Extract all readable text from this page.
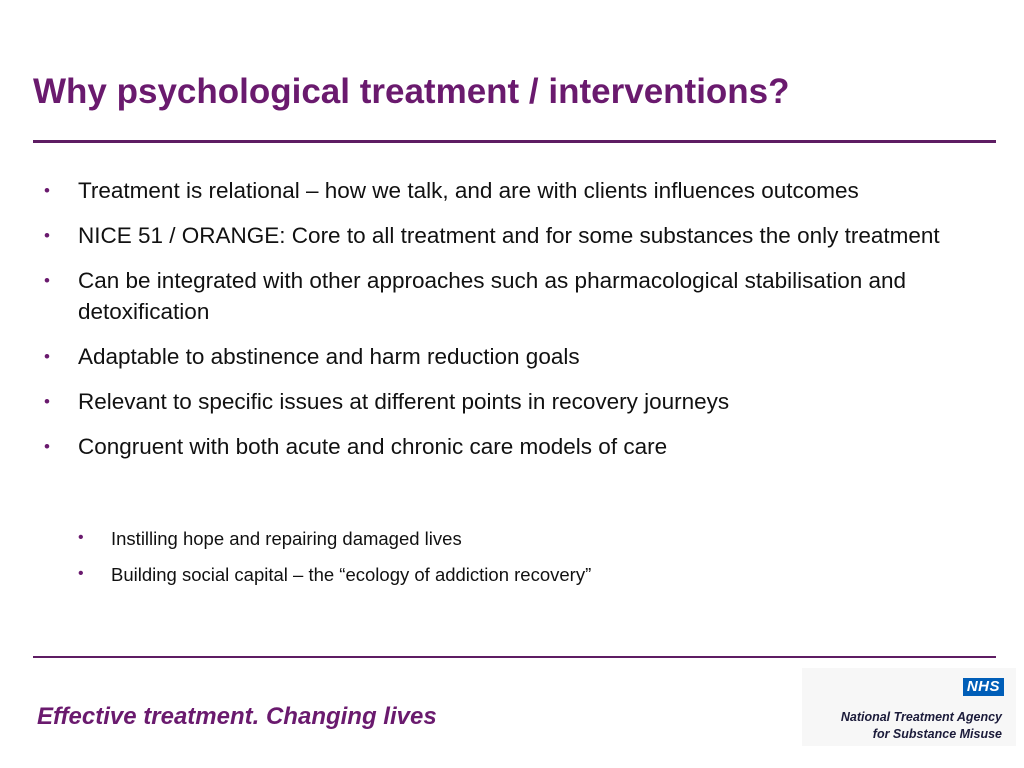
Why psychological treatment / interventions?
• Treatment is relational – how we talk, and are with clients influences outcomes
• NICE 51 / ORANGE: Core to all treatment and for some substances the only treatment
• Can be integrated with other approaches such as pharmacological stabilisation and detoxification
• Adaptable to abstinence and harm reduction goals
• Relevant to specific issues at different points in recovery journeys
• Congruent with both acute and chronic care models of care
• Instilling hope and repairing damaged lives
• Building social capital – the “ecology of addiction recovery”
Effective treatment. Changing lives
NHS
National Treatment Agency
for Substance Misuse
